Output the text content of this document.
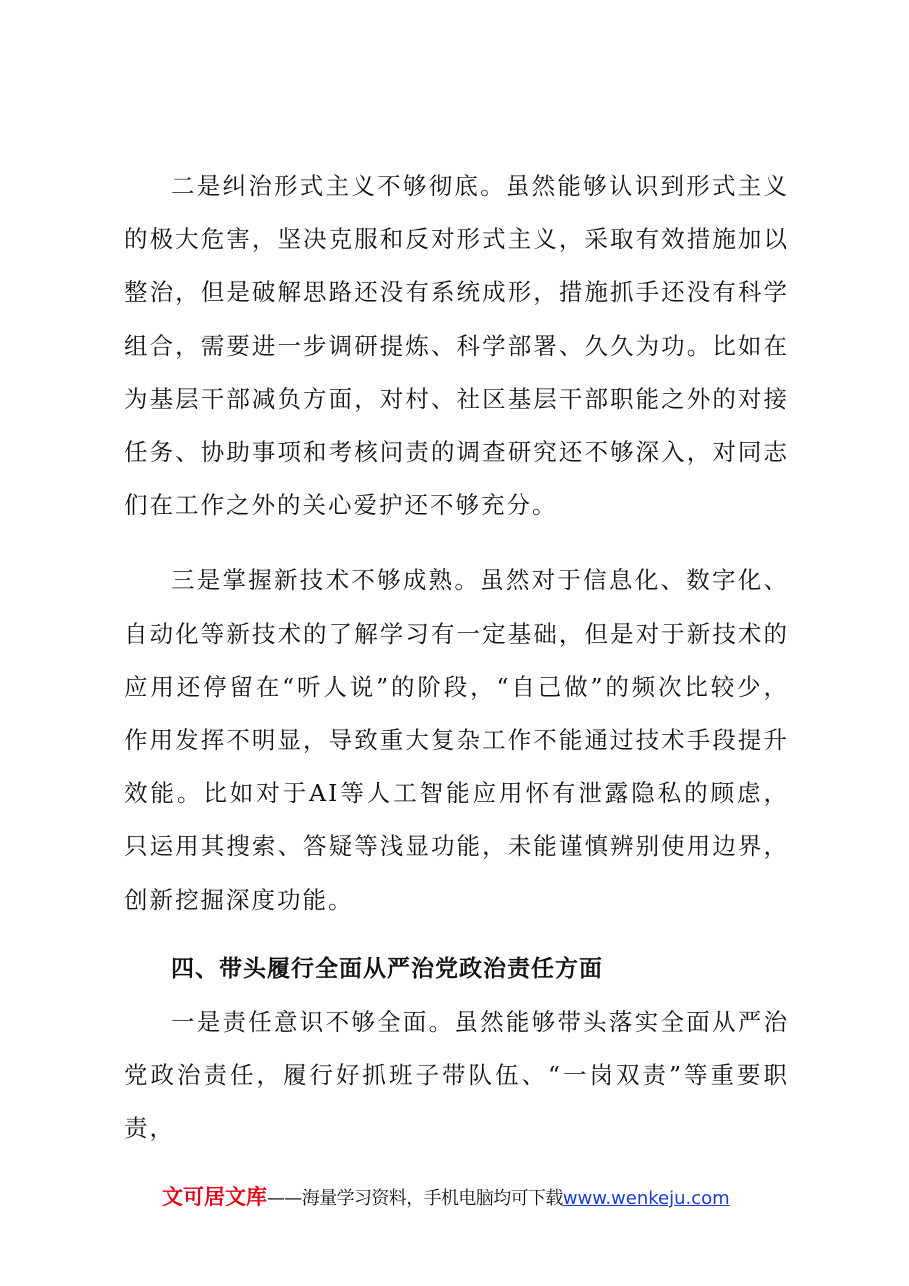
二是纠治形式主义不够彻底。虽然能够认识到形式主义的极大危害，坚决克服和反对形式主义，采取有效措施加以整治，但是破解思路还没有系统成形，措施抓手还没有科学组合，需要进一步调研提炼、科学部署、久久为功。比如在为基层干部减负方面，对村、社区基层干部职能之外的对接任务、协助事项和考核问责的调查研究还不够深入，对同志们在工作之外的关心爱护还不够充分。

三是掌握新技术不够成熟。虽然对于信息化、数字化、自动化等新技术的了解学习有一定基础，但是对于新技术的应用还停留在“听人说”的阶段，“自己做”的频次比较少，作用发挥不明显，导致重大复杂工作不能通过技术手段提升效能。比如对于AI等人工智能应用怀有泄露隐私的顾虑，只运用其搜索、答疑等浅显功能，未能谨慎辨别使用边界，创新挖掘深度功能。

四、带头履行全面从严治党政治责任方面

一是责任意识不够全面。虽然能够带头落实全面从严治党政治责任，履行好抓班子带队伍、“一岗双责”等重要职责，

文可居文库——海量学习资料，手机电脑均可下载www.wenkeju.com
